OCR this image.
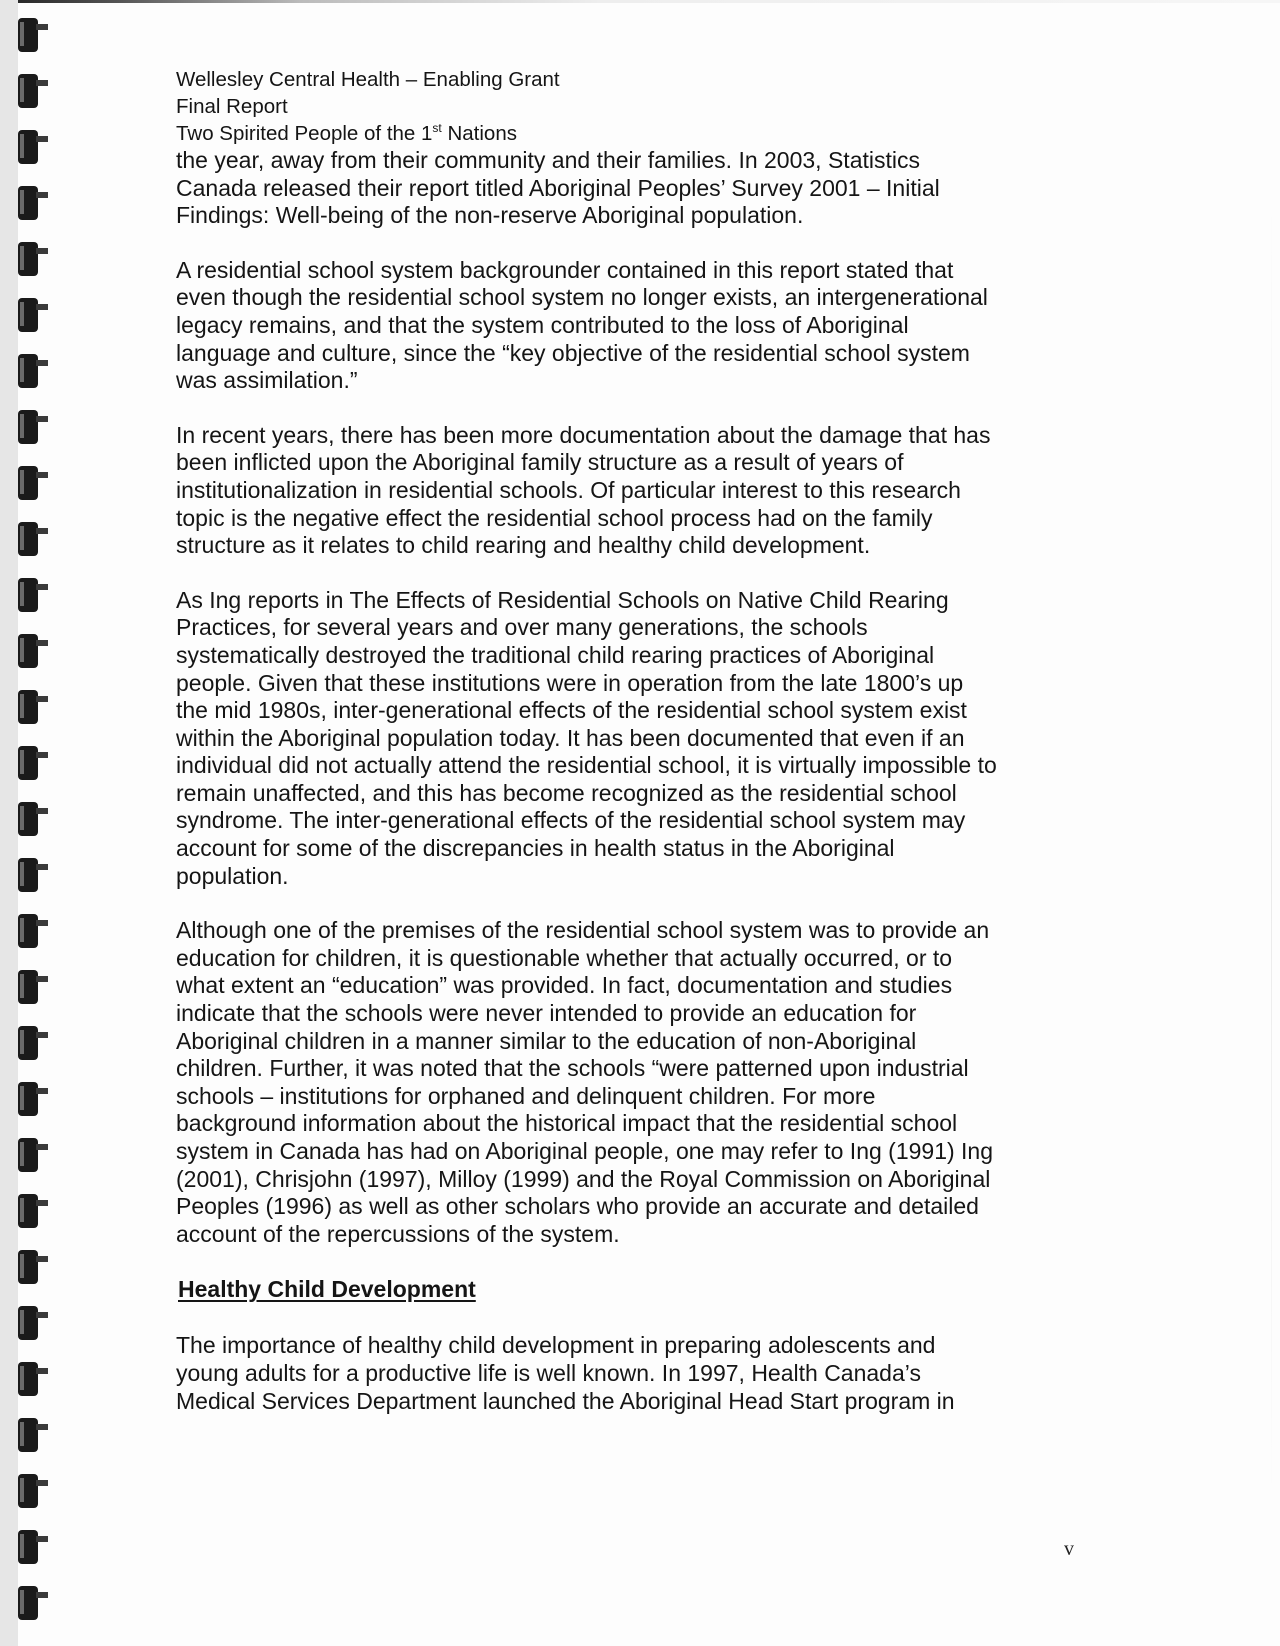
Wellesley Central Health – Enabling Grant
Final Report
Two Spirited People of the 1st Nations
the year, away from their community and their families. In 2003, Statistics
Canada released their report titled Aboriginal Peoples’ Survey 2001 – Initial
Findings: Well-being of the non-reserve Aboriginal population.
A residential school system backgrounder contained in this report stated that
even though the residential school system no longer exists, an intergenerational
legacy remains, and that the system contributed to the loss of Aboriginal
language and culture, since the “key objective of the residential school system
was assimilation.”
In recent years, there has been more documentation about the damage that has
been inflicted upon the Aboriginal family structure as a result of years of
institutionalization in residential schools. Of particular interest to this research
topic is the negative effect the residential school process had on the family
structure as it relates to child rearing and healthy child development.
As Ing reports in The Effects of Residential Schools on Native Child Rearing
Practices, for several years and over many generations, the schools
systematically destroyed the traditional child rearing practices of Aboriginal
people. Given that these institutions were in operation from the late 1800’s up
the mid 1980s, inter-generational effects of the residential school system exist
within the Aboriginal population today. It has been documented that even if an
individual did not actually attend the residential school, it is virtually impossible to
remain unaffected, and this has become recognized as the residential school
syndrome. The inter-generational effects of the residential school system may
account for some of the discrepancies in health status in the Aboriginal
population.
Although one of the premises of the residential school system was to provide an
education for children, it is questionable whether that actually occurred, or to
what extent an “education” was provided. In fact, documentation and studies
indicate that the schools were never intended to provide an education for
Aboriginal children in a manner similar to the education of non-Aboriginal
children. Further, it was noted that the schools “were patterned upon industrial
schools – institutions for orphaned and delinquent children. For more
background information about the historical impact that the residential school
system in Canada has had on Aboriginal people, one may refer to Ing (1991) Ing
(2001), Chrisjohn (1997), Milloy (1999) and the Royal Commission on Aboriginal
Peoples (1996) as well as other scholars who provide an accurate and detailed
account of the repercussions of the system.
Healthy Child Development
The importance of healthy child development in preparing adolescents and
young adults for a productive life is well known. In 1997, Health Canada’s
Medical Services Department launched the Aboriginal Head Start program in
v
